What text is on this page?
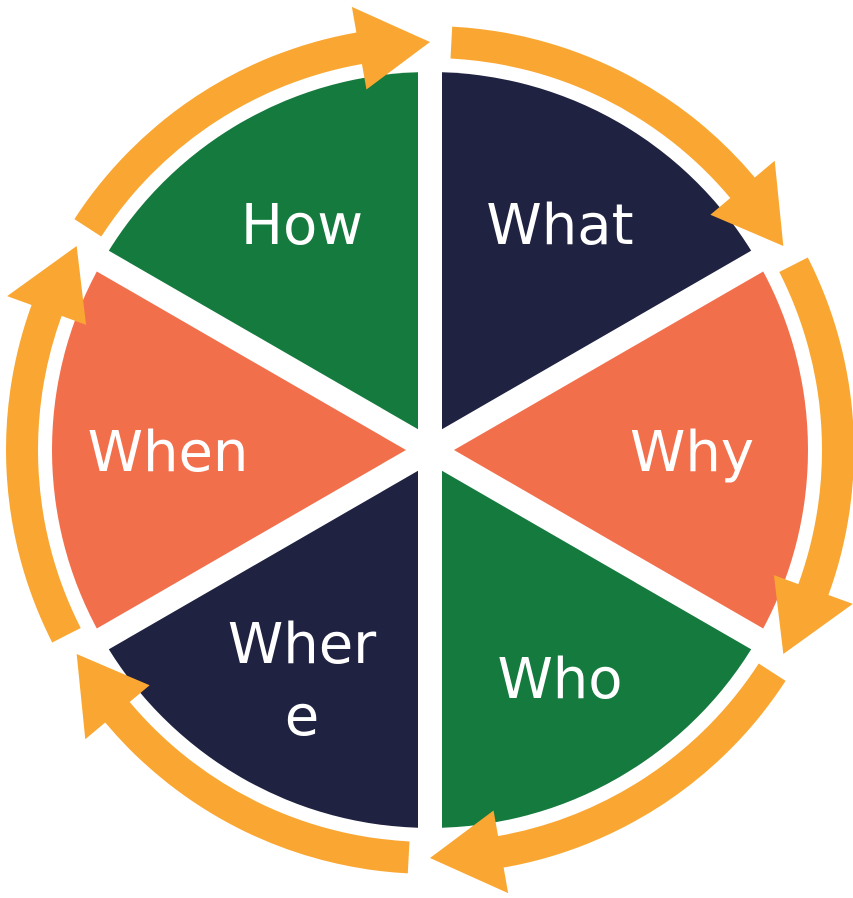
What
Why
Who
Wher
e
When
How
